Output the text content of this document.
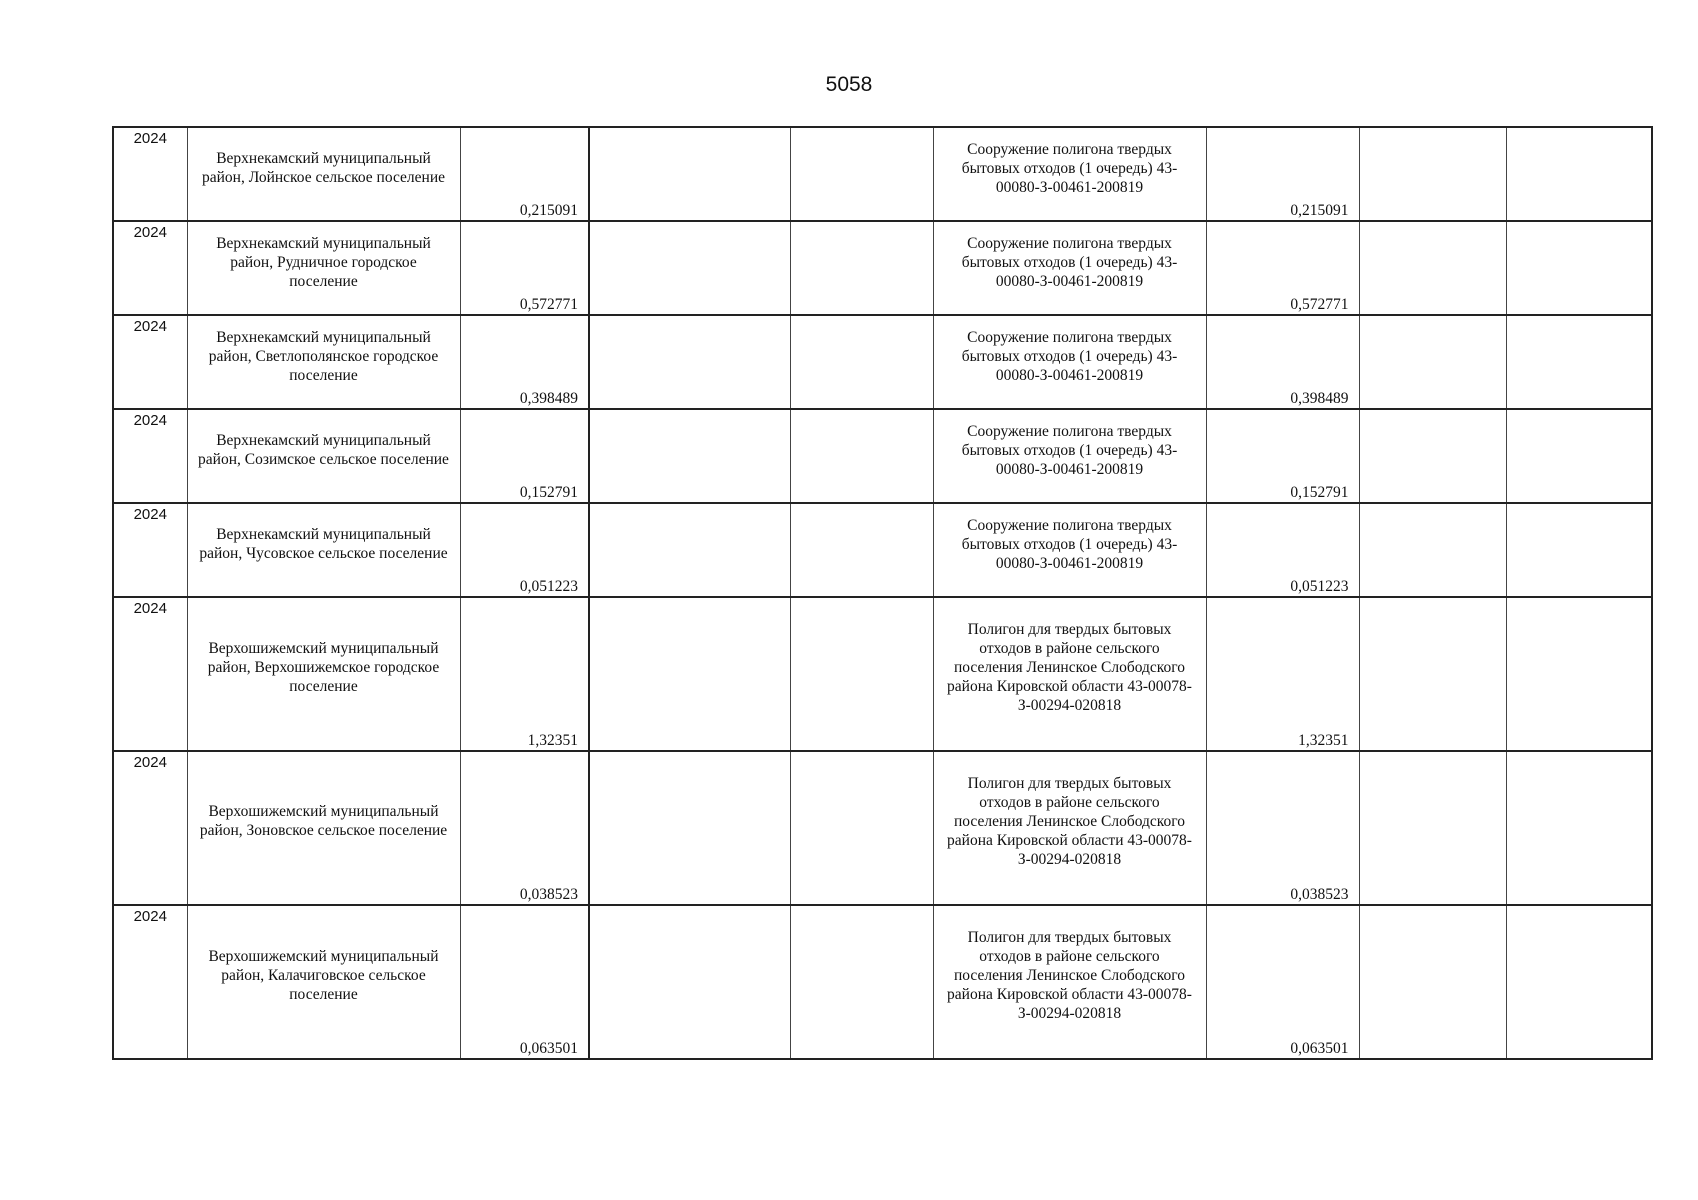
5058
2024	Верхнекамский муниципальный район, Лойнское сельское поселение	0,215091			Сооружение полигона твердых бытовых отходов (1 очередь) 43-00080-З-00461-200819	0,215091		

2024	Верхнекамский муниципальный район, Рудничное городское поселение	0,572771			Сооружение полигона твердых бытовых отходов (1 очередь) 43-00080-З-00461-200819	0,572771		

2024	Верхнекамский муниципальный район, Светлополянское городское поселение	0,398489			Сооружение полигона твердых бытовых отходов (1 очередь) 43-00080-З-00461-200819	0,398489		

2024	Верхнекамский муниципальный район, Созимское сельское поселение	0,152791			Сооружение полигона твердых бытовых отходов (1 очередь) 43-00080-З-00461-200819	0,152791		

2024	Верхнекамский муниципальный район, Чусовское сельское поселение	0,051223			Сооружение полигона твердых бытовых отходов (1 очередь) 43-00080-З-00461-200819	0,051223		

2024	Верхошижемский муниципальный район, Верхошижемское городское поселение	1,32351			Полигон для твердых бытовых отходов в районе сельского поселения Ленинское Слободского района Кировской области 43-00078-З-00294-020818	1,32351		

2024	Верхошижемский муниципальный район, Зоновское сельское поселение	0,038523			Полигон для твердых бытовых отходов в районе сельского поселения Ленинское Слободского района Кировской области 43-00078-З-00294-020818	0,038523		

2024	Верхошижемский муниципальный район, Калачиговское сельское поселение	0,063501			Полигон для твердых бытовых отходов в районе сельского поселения Ленинское Слободского района Кировской области 43-00078-З-00294-020818	0,063501		
